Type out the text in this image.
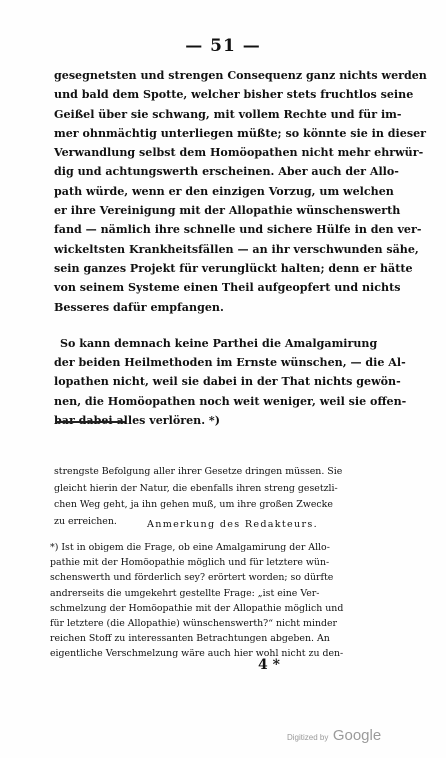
— 51 —
gesegnetsten und strengen Consequenz ganz nichts werden
und bald dem Spotte, welcher bisher stets fruchtlos seine
Geißel über sie schwang, mit vollem Rechte und für im-
mer ohnmächtig unterliegen müßte; so könnte sie in dieser
Verwandlung selbst dem Homöopathen nicht mehr ehrwür-
dig und achtungswerth erscheinen. Aber auch der Allo-
path würde, wenn er den einzigen Vorzug, um welchen
er ihre Vereinigung mit der Allopathie wünschenswerth
fand — nämlich ihre schnelle und sichere Hülfe in den ver-
wickeltsten Krankheitsfällen — an ihr verschwunden sähe,
sein ganzes Projekt für verunglückt halten; denn er hätte
von seinem Systeme einen Theil aufgeopfert und nichts
Besseres dafür empfangen.
So kann demnach keine Parthei die Amalgamirung
der beiden Heilmethoden im Ernste wünschen, — die Al-
lopathen nicht, weil sie dabei in der That nichts gewön-
nen, die Homöopathen noch weit weniger, weil sie offen-
bar dabei alles verlören. *)
strengste Befolgung aller ihrer Gesetze dringen müssen. Sie
gleicht hierin der Natur, die ebenfalls ihren streng gesetzli-
chen Weg geht, ja ihn gehen muß, um ihre großen Zwecke
zu erreichen.	Anmerkung des Redakteurs.
*) Ist in obigem die Frage, ob eine Amalgamirung der Allo-
pathie mit der Homöopathie möglich und für letztere wün-
schenswerth und förderlich sey? erörtert worden; so dürfte
andrerseits die umgekehrt gestellte Frage: „ist eine Ver-
schmelzung der Homöopathie mit der Allopathie möglich und
für letztere (die Allopathie) wünschenswerth?“ nicht minder
reichen Stoff zu interessanten Betrachtungen abgeben. An
eigentliche Verschmelzung wäre auch hier wohl nicht zu den-
4 *
Digitized by Google
